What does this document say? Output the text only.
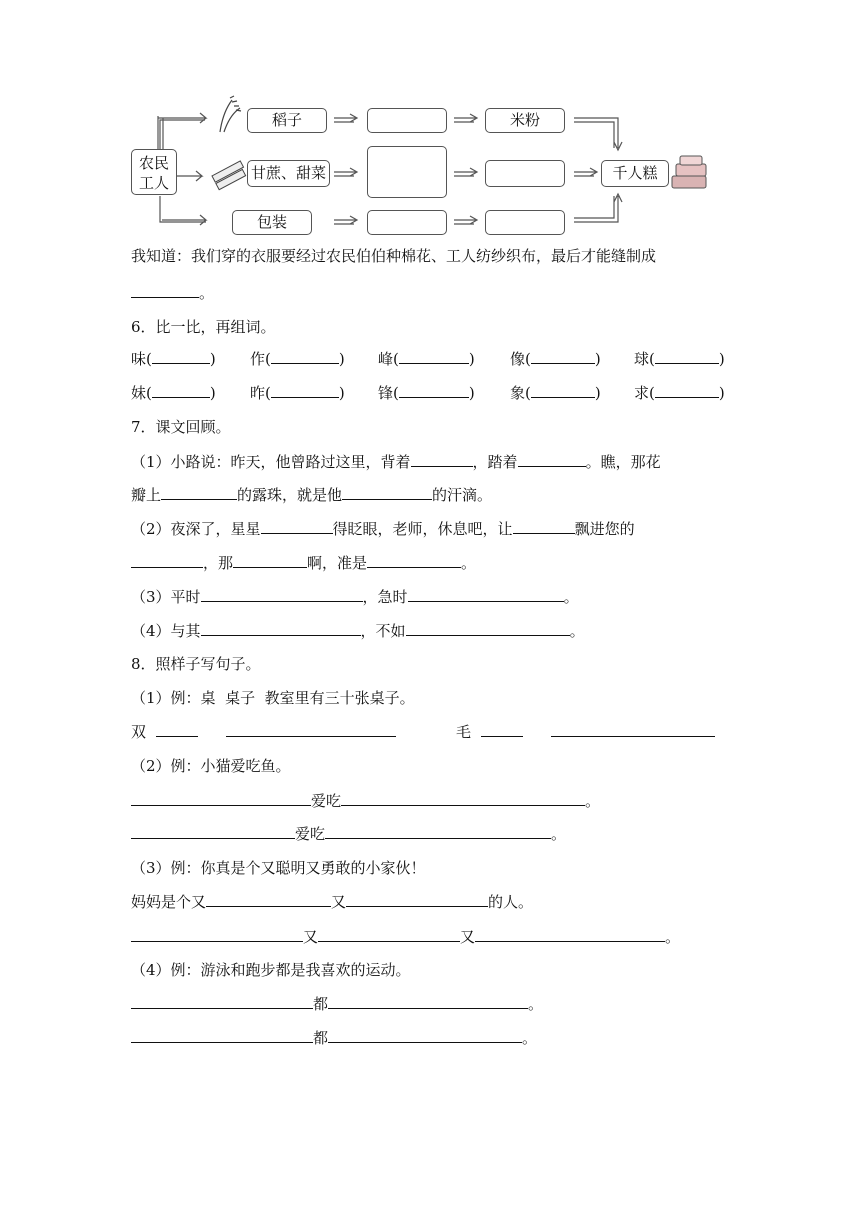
农民
工人
稻子	米粉
甘蔗、甜菜
包装
千人糕
我知道：我们穿的衣服要经过农民伯伯种棉花、工人纺纱织布，最后才能缝制成
。
6．比一比，再组词。
味(	) 作(	) 峰(	) 像(	) 球(	)
妹(	) 昨(	) 锋(	) 象(	) 求(	)
7．课文回顾。
（1）小路说：昨天，他曾路过这里，背着	，踏着	。瞧，那花
瓣上	的露珠，就是他	的汗滴。
（2）夜深了，星星	得眨眼，老师，休息吧，让	飘进您的
，那	啊，准是	。
（3）平时	，急时	。
（4）与其	，不如	。
8．照样子写句子。
（1）例：桌  桌子  教室里有三十张桌子。
双	毛
（2）例：小猫爱吃鱼。
爱吃	。
爱吃	。
（3）例：你真是个又聪明又勇敢的小家伙！
妈妈是个又	又	的人。
又	又	。
（4）例：游泳和跑步都是我喜欢的运动。
都	。
都	。
